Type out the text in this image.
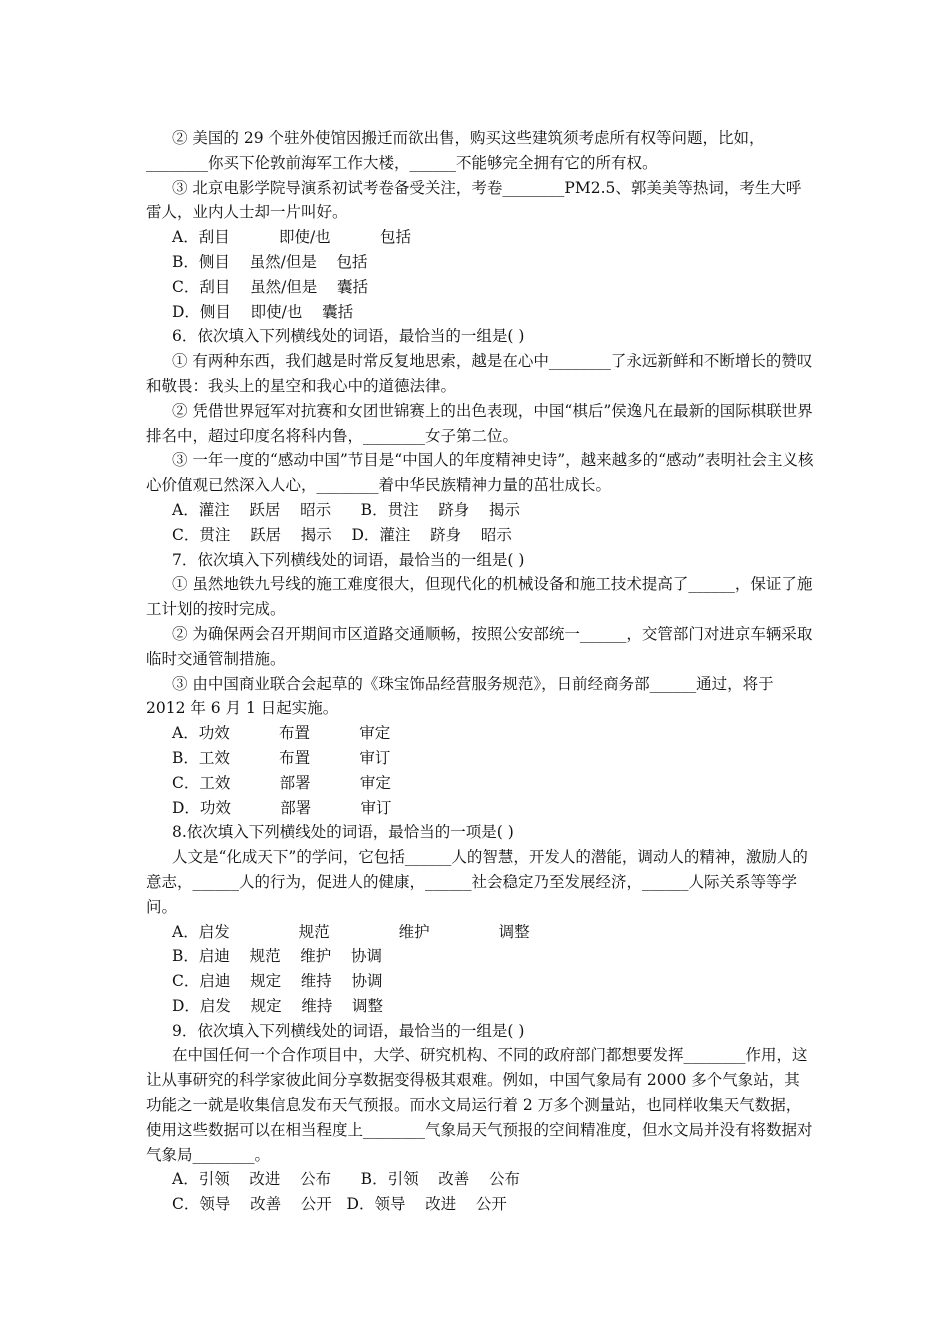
② 美国的 29 个驻外使馆因搬迁而欲出售，购买这些建筑须考虑所有权等问题，比如，________你买下伦敦前海军工作大楼，______不能够完全拥有它的所有权。

③ 北京电影学院导演系初试考卷备受关注，考卷________PM2.5、郭美美等热词，考生大呼雷人，业内人士却一片叫好。

A．刮目          即使/也          包括

B．侧目    虽然/但是    包括

C．刮目    虽然/但是    囊括

D．侧目    即使/也    囊括

6．依次填入下列横线处的词语，最恰当的一组是( )

① 有两种东西，我们越是时常反复地思索，越是在心中________了永远新鲜和不断增长的赞叹和敬畏：我头上的星空和我心中的道德法律。

② 凭借世界冠军对抗赛和女团世锦赛上的出色表现，中国“棋后”侯逸凡在最新的国际棋联世界排名中，超过印度名将科内鲁，________女子第二位。

③ 一年一度的“感动中国”节目是“中国人的年度精神史诗”，越来越多的“感动”表明社会主义核心价值观已然深入人心，________着中华民族精神力量的茁壮成长。

A．灌注    跃居    昭示      B．贯注    跻身    揭示

C．贯注    跃居    揭示    D．灌注    跻身    昭示

7．依次填入下列横线处的词语，最恰当的一组是( )

① 虽然地铁九号线的施工难度很大，但现代化的机械设备和施工技术提高了______，保证了施工计划的按时完成。

② 为确保两会召开期间市区道路交通顺畅，按照公安部统一______，交管部门对进京车辆采取临时交通管制措施。

③ 由中国商业联合会起草的《珠宝饰品经营服务规范》，日前经商务部______通过，将于 2012 年 6 月 1 日起实施。

A．功效          布置          审定

B．工效          布置          审订

C．工效          部署          审定

D．功效          部署          审订

8.依次填入下列横线处的词语，最恰当的一项是( )

人文是“化成天下”的学问，它包括______人的智慧，开发人的潜能，调动人的精神，激励人的意志，______人的行为，促进人的健康，______社会稳定乃至发展经济，______人际关系等等学问。

A．启发              规范              维护              调整

B．启迪    规范    维护    协调

C．启迪    规定    维持    协调

D．启发    规定    维持    调整

9．依次填入下列横线处的词语，最恰当的一组是( )

在中国任何一个合作项目中，大学、研究机构、不同的政府部门都想要发挥________作用，这让从事研究的科学家彼此间分享数据变得极其艰难。例如，中国气象局有 2000 多个气象站，其功能之一就是收集信息发布天气预报。而水文局运行着 2 万多个测量站，也同样收集天气数据，使用这些数据可以在相当程度上________气象局天气预报的空间精准度，但水文局并没有将数据对气象局________。

A．引领    改进    公布      B．引领    改善    公布

C．领导    改善    公开   D．领导    改进    公开
